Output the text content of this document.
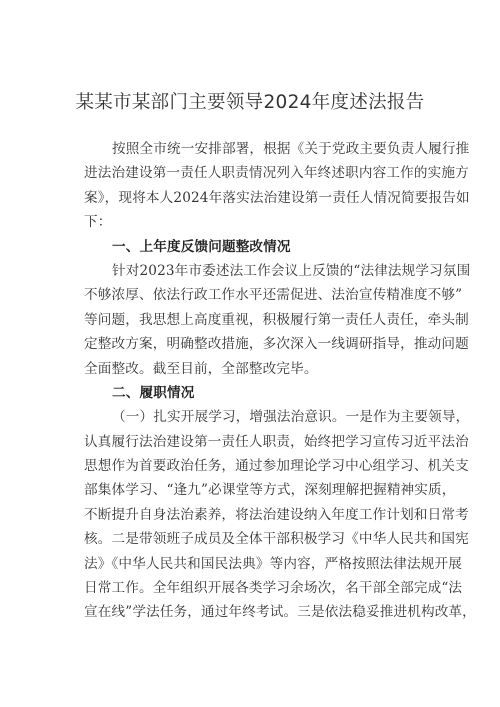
某某市某部门主要领导2024年度述法报告
按照全市统一安排部署，根据《关于党政主要负责人履行推
进法治建设第一责任人职责情况列入年终述职内容工作的实施方
案》，现将本人2024年落实法治建设第一责任人情况简要报告如
下：
一、上年度反馈问题整改情况
针对2023年市委述法工作会议上反馈的“法律法规学习氛围
不够浓厚、依法行政工作水平还需促进、法治宣传精准度不够”
等问题，我思想上高度重视，积极履行第一责任人责任，牵头制
定整改方案，明确整改措施，多次深入一线调研指导，推动问题
全面整改。截至目前，全部整改完毕。
二、履职情况
（一）扎实开展学习，增强法治意识。一是作为主要领导，
认真履行法治建设第一责任人职责，始终把学习宣传习近平法治
思想作为首要政治任务，通过参加理论学习中心组学习、机关支
部集体学习、“逢九”必课堂等方式，深刻理解把握精神实质，
不断提升自身法治素养，将法治建设纳入年度工作计划和日常考
核。二是带领班子成员及全体干部积极学习《中华人民共和国宪
法》《中华人民共和国民法典》等内容，严格按照法律法规开展
日常工作。全年组织开展各类学习余场次，名干部全部完成“法
宣在线”学法任务，通过年终考试。三是依法稳妥推进机构改革，
